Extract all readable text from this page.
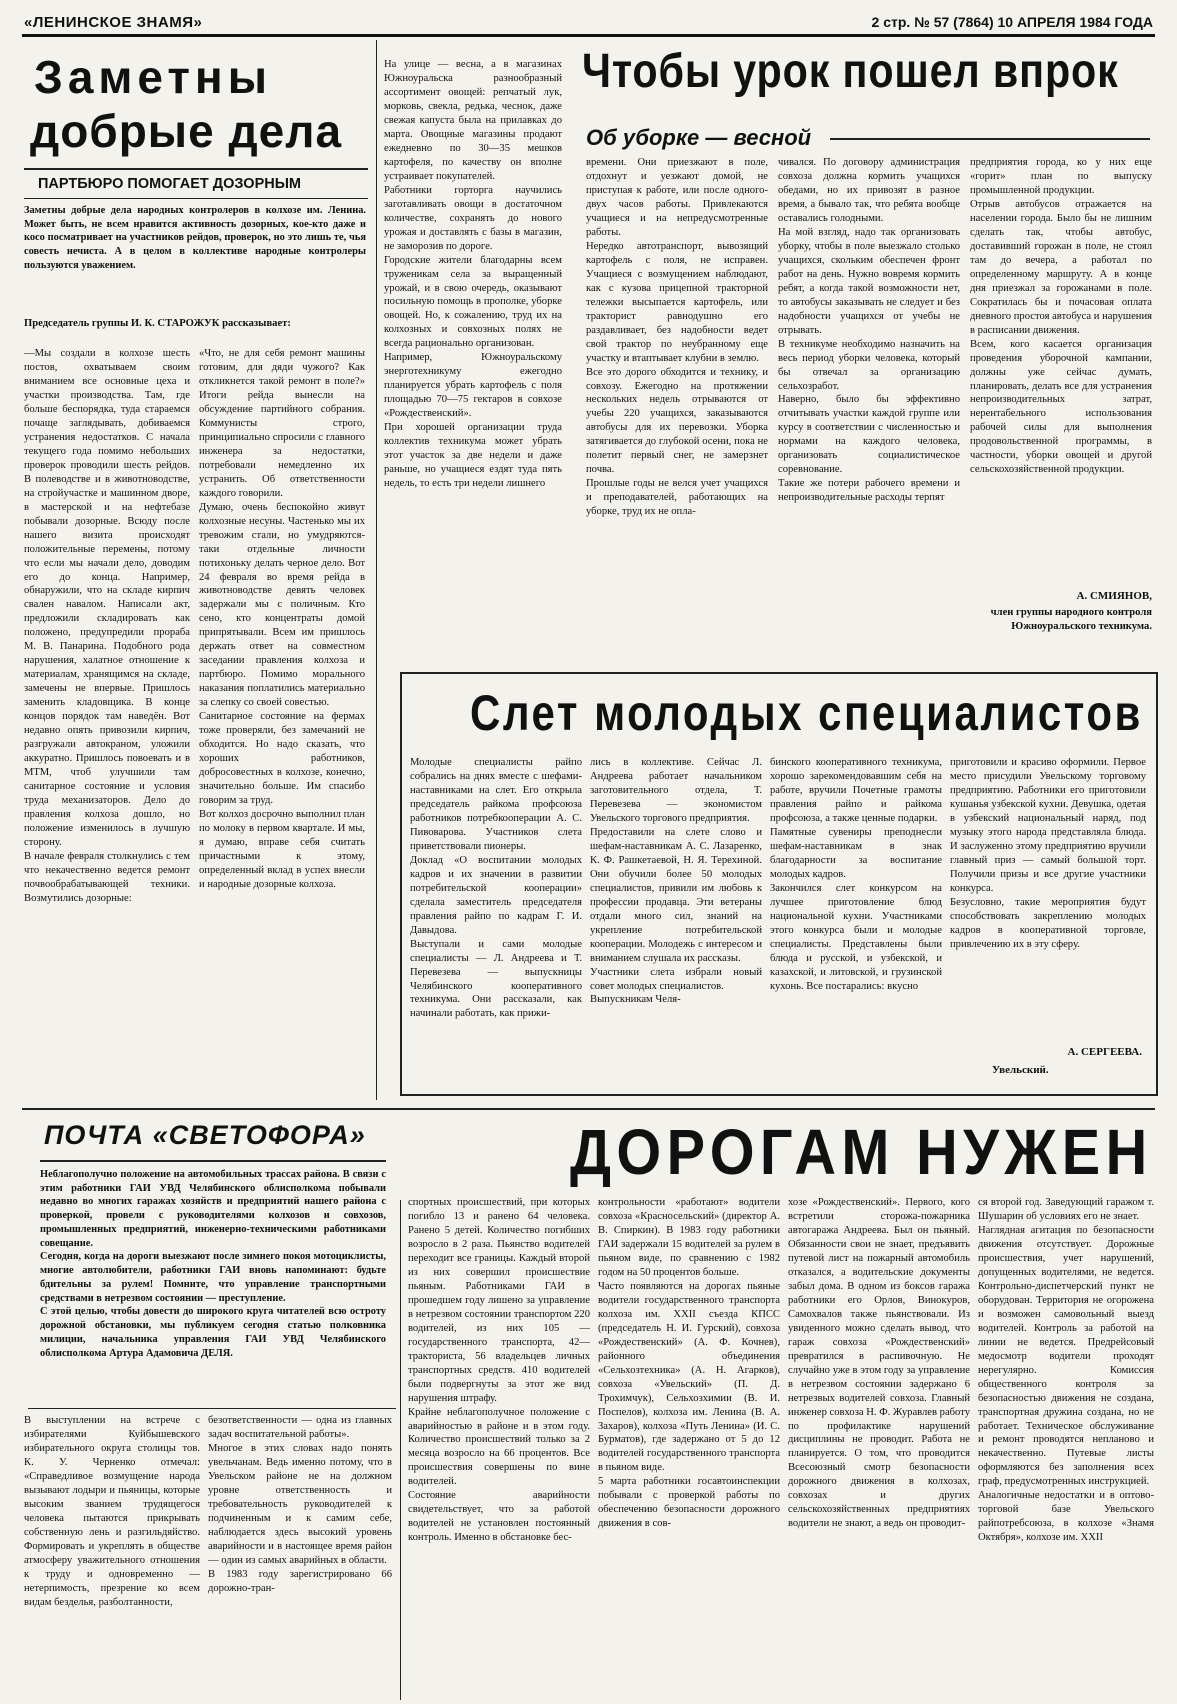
«ЛЕНИНСКОЕ ЗНАМЯ»	2 стр. № 57 (7864) 10 АПРЕЛЯ 1984 ГОДА
Заметны
добрые дела
ПАРТБЮРО ПОМОГАЕТ ДОЗОРНЫМ

Заметны добрые дела народных контролеров в колхозе им. Ленина. Может быть, не всем нравится активность дозорных, кое-кто даже и косо посматривает на участников рейдов, проверок, но это лишь те, чья совесть нечиста. А в целом в коллективе народные контролеры пользуются уважением.

Председатель группы И. К. СТАРОЖУК рассказывает:

—Мы создали в колхозе шесть постов, охватываем своим вниманием все основные цеха и участки производства. Там, где больше беспорядка, туда стараемся почаще заглядывать, добиваемся устранения недостатков. С начала текущего года помимо небольших проверок проводили шесть рейдов. В полеводстве и в животноводстве, на стройучастке и машинном дворе, в мастерской и на нефтебазе побывали дозорные. Всюду после нашего визита происходят положительные перемены, потому что если мы начали дело, доводим его до конца. Например, обнаружили, что на складе кирпич свален навалом. Написали акт, предложили складировать как положено, предупредили прораба М. В. Панарина. Подобного рода нарушения, халатное отношение к материалам, хранящимся на складе, замечены не впервые. Пришлось заменить кладовщика. В конце концов порядок там наведён. Вот недавно опять привозили кирпич, разгружали автокраном, уложили аккуратно. Пришлось повоевать и в МТМ, чтоб улучшили там санитарное состояние и условия труда механизаторов. Дело до правления колхоза дошло, но положение изменилось в лучшую сторону.
В начале февраля столкнулись с тем что некачественно ведется ремонт почвообрабатывающей техники. Возмутились дозорные:

«Что, не для себя ремонт машины готовим, для дяди чужого? Как откликнется такой ремонт в поле?» Итоги рейда вынесли на обсуждение партийного собрания. Коммунисты строго, принципиально спросили с главного инженера за недостатки, потребовали немедленно их устранить. Об ответственности каждого говорили.
Думаю, очень беспокойно живут колхозные несуны. Частенько мы их тревожим стали, но умудряются-таки отдельные личности потихоньку делать черное дело. Вот 24 февраля во время рейда в животноводстве девять человек задержали мы с поличным. Кто сено, кто концентраты домой припрятывали. Всем им пришлось держать ответ на совместном заседании правления колхоза и партбюро. Помимо морального наказания поплатились материально за слепку со своей совестью.
Санитарное состояние на фермах тоже проверяли, без замечаний не обходится. Но надо сказать, что хороших работников, добросовестных в колхозе, конечно, значительно больше. Им спасибо говорим за труд.
Вот колхоз досрочно выполнил план по молоку в первом квартале. И мы, я думаю, вправе себя считать причастными к этому, определенный вклад в успех внесли и народные дозорные колхоза.

На улице — весна, а в магазинах Южноуральска разнообразный ассортимент овощей: репчатый лук, морковь, свекла, редька, чеснок, даже свежая капуста была на прилавках до марта. Овощные магазины продают ежедневно по 30—35 мешков картофеля, по качеству он вполне устраивает покупателей.
Работники горторга научились заготавливать овощи в достаточном количестве, сохранять до нового урожая и доставлять с базы в магазин, не заморозив по дороге.
Городские жители благодарны всем труженикам села за выращенный урожай, и в свою очередь, оказывают посильную помощь в прополке, уборке овощей. Но, к сожалению, труд их на колхозных и совхозных полях не всегда рационально организован.
Например, Южноуральскому энерготехникуму ежегодно планируется убрать картофель с поля площадью 70—75 гектаров в совхозе «Рождественский».
При хорошей организации труда коллектив техникума может убрать этот участок за две недели и даже раньше, но учащиеся ездят туда пять недель, то есть три недели лишнего

Чтобы урок пошел впрок
Об уборке — весной

времени. Они приезжают в поле, отдохнут и уезжают домой, не приступая к работе, или после одного-двух часов работы. Привлекаются учащиеся и на непредусмотренные работы.
Нередко автотранспорт, вывозящий картофель с поля, не исправен. Учащиеся с возмущением наблюдают, как с кузова прицепной тракторной тележки высыпается картофель, или тракторист равнодушно его раздавливает, без надобности ведет свой трактор по неубранному еще участку и втаптывает клубни в землю.
Все это дорого обходится и технику, и совхозу. Ежегодно на протяжении нескольких недель отрываются от учебы 220 учащихся, заказываются автобусы для их перевозки. Уборка затягивается до глубокой осени, пока не полетит первый снег, не замерзнет почва.
Прошлые годы не велся учет учащихся и преподавателей, работающих на уборке, труд их не опла-

чивался. По договору администрация совхоза должна кормить учащихся обедами, но их привозят в разное время, а бывало так, что ребята вообще оставались голодными.
На мой взгляд, надо так организовать уборку, чтобы в поле выезжало столько учащихся, скольким обеспечен фронт работ на день. Нужно вовремя кормить ребят, а когда такой возможности нет, то автобусы заказывать не следует и без надобности учащихся от учебы не отрывать.
В техникуме необходимо назначить на весь период уборки человека, который бы отвечал за организацию сельхозработ.
Наверно, было бы эффективно отчитывать участки каждой группе или курсу в соответствии с численностью и нормами на каждого человека, организовать социалистическое соревнование.
Такие же потери рабочего времени и непроизводительные расходы терпят

предприятия города, ко у них еще «горит» план по выпуску промышленной продукции.
Отрыв автобусов отражается на населении города. Было бы не лишним сделать так, чтобы автобус, доставивший горожан в поле, не стоял там до вечера, а работал по определенному маршруту. А в конце дня приезжал за горожанами в поле. Сократилась бы и почасовая оплата дневного простоя автобуса и нарушения в расписании движения.
Всем, кого касается организация проведения уборочной кампании, должны уже сейчас думать, планировать, делать все для устранения непроизводительных затрат, нерентабельного использования рабочей силы для выполнения продовольственной программы, в частности, уборки овощей и другой сельскохозяйственной продукции.

А. СМИЯНОВ,

член группы народного контроля Южноуральского техникума.

Слет молодых специалистов

Молодые специалисты райпо собрались на днях вместе с шефами-наставниками на слет. Его открыла председатель райкома профсоюза работников потребкооперации А. С. Пивоварова. Участников слета приветствовали пионеры.
Доклад «О воспитании молодых кадров и их значении в развитии потребительской кооперации» сделала заместитель председателя правления райпо по кадрам Г. И. Давыдова.
Выступали и сами молодые специалисты — Л. Андреева и Т. Перевезева — выпускницы Челябинского кооперативного техникума. Они рассказали, как начинали работать, как прижи-

лись в коллективе. Сейчас Л. Андреева работает начальником заготовительного отдела, Т. Перевезева — экономистом Увельского торгового предприятия.
Предоставили на слете слово и шефам-наставникам А. С. Лазаренко, К. Ф. Рашкетаевой, Н. Я. Терехиной. Они обучили более 50 молодых специалистов, привили им любовь к профессии продавца. Эти ветераны отдали много сил, знаний на укрепление потребительской кооперации. Молодежь с интересом и вниманием слушала их рассказы.
Участники слета избрали новый совет молодых специалистов.
Выпускникам Челя-

бинского кооперативного техникума, хорошо зарекомендовавшим себя на работе, вручили Почетные грамоты правления райпо и райкома профсоюза, а также ценные подарки.
Памятные сувениры преподнесли шефам-наставникам в знак благодарности за воспитание молодых кадров.
Закончился слет конкурсом на лучшее приготовление блюд национальной кухни. Участниками этого конкурса были и молодые специалисты. Представлены были блюда и русской, и узбекской, и казахской, и литовской, и грузинской кухонь. Все постарались: вкусно

приготовили и красиво оформили. Первое место присудили Увельскому торговому предприятию. Работники его приготовили кушанья узбекской кухни. Девушка, одетая в узбекский национальный наряд, под музыку этого народа представляла блюда. И заслуженно этому предприятию вручили главный приз — самый большой торт. Получили призы и все другие участники конкурса.
Безусловно, такие мероприятия будут способствовать закреплению молодых кадров в кооперативной торговле, привлечению их в эту сферу.

А. СЕРГЕЕВА.
Увельский.
ПОЧТА «СВЕТОФОРА»	ДОРОГАМ НУЖЕН

Неблагополучно положение на автомобильных трассах района. В связи с этим работники ГАИ УВД Челябинского облисполкома побывали недавно во многих гаражах хозяйств и предприятий нашего района с проверкой, провели с руководителями колхозов и совхозов, промышленных предприятий, инженерно-техническими работниками совещание.
Сегодня, когда на дороги выезжают после зимнего покоя мотоциклисты, многие автолюбители, работники ГАИ вновь напоминают: будьте бдительны за рулем! Помните, что управление транспортными средствами в нетрезвом состоянии — преступление.
С этой целью, чтобы довести до широкого круга читателей всю остроту дорожной обстановки, мы публикуем сегодня статью полковника милиции, начальника управления ГАИ УВД Челябинского облисполкома Артура Адамовича ДЕЛЯ.

В выступлении на встрече с избирателями Куйбышевского избирательного округа столицы тов. К. У. Черненко отмечал: «Справедливое возмущение народа вызывают лодыри и пьяницы, которые высоким званием трудящегося человека пытаются прикрывать собственную лень и разгильдяйство. Формировать и укреплять в обществе атмосферу уважительного отношения к труду и одновременно — нетерпимость, презрение ко всем видам безделья, разболтанности,

безответственности — одна из главных задач воспитательной работы».
Многое в этих словах надо понять увельчанам. Ведь именно потому, что в Увельском районе не на должном уровне ответственность и требовательность руководителей к подчиненным и к самим себе, наблюдается здесь высокий уровень аварийности и в настоящее время район — один из самых аварийных в области.
В 1983 году зарегистрировано 66 дорожно-тран-

спортных происшествий, при которых погибло 13 и ранено 64 человека. Ранено 5 детей. Количество погибших возросло в 2 раза. Пьянство водителей переходит все границы. Каждый второй из них совершил происшествие пьяным. Работниками ГАИ в прошедшем году лишено за управление в нетрезвом состоянии транспортом 220 водителей, из них 105 — государственного транспорта, 42— тракториста, 56 владельцев личных транспортных средств. 410 водителей были подвергнуты за этот же вид нарушения штрафу.
Крайне неблагополучное положение с аварийностью в районе и в этом году. Количество происшествий только за 2 месяца возросло на 66 процентов. Все происшествия совершены по вине водителей.
Состояние аварийности свидетельствует, что за работой водителей не установлен постоянный контроль. Именно в обстановке бес-

контрольности «работают» водители совхоза «Красносельский» (директор А. В. Спиркин). В 1983 году работники ГАИ задержали 15 водителей за рулем в пьяном виде, по сравнению с 1982 годом на 50 процентов больше.
Часто появляются на дорогах пьяные водители государственного транспорта колхоза им. XXII съезда КПСС (председатель Н. И. Гурский), совхоза «Рождественский» (А. Ф. Кочнев), районного объединения «Сельхозтехника» (А. Н. Агарков), совхоза «Увельский» (П. Д. Трохимчук), Сельхозхимии (В. И. Поспелов), колхоза им. Ленина (В. А. Захаров), колхоза «Путь Ленина» (И. С. Бурматов), где задержано от 5 до 12 водителей государственного транспорта в пьяном виде.
5 марта работники госавтоинспекции побывали с проверкой работы по обеспечению безопасности дорожного движения в сов-

хозе «Рождественский». Первого, кого встретили сторожа-пожарника автогаража Андреева. Был он пьяный. Обязанности свои не знает, предъявить путевой лист на пожарный автомобиль отказался, а водительские документы забыл дома. В одном из боксов гаража работники его Орлов, Винокуров, Самохвалов также пьянствовали. Из увиденного можно сделать вывод, что гараж совхоза «Рождественский» превратился в распивочную. Не случайно уже в этом году за управление в нетрезвом состоянии задержано 6 нетрезвых водителей совхоза. Главный инженер совхоза Н. Ф. Журавлев работу по профилактике нарушений дисциплины не проводит. Работа не планируется. О том, что проводится Всесоюзный смотр безопасности дорожного движения в колхозах, совхозах и других сельскохозяйственных предприятиях водители не знают, а ведь он проводит-

ся второй год. Заведующий гаражом т. Шушарин об условиях его не знает.
Наглядная агитация по безопасности движения отсутствует. Дорожные происшествия, учет нарушений, допущенных водителями, не ведется. Контрольно-диспетчерский пункт не оборудован. Территория не огорожена и возможен самовольный выезд водителей. Контроль за работой на линии не ведется. Предрейсовый медосмотр водители проходят нерегулярно. Комиссия общественного контроля за безопасностью движения не создана, транспортная дружина создана, но не работает. Техническое обслуживание и ремонт проводятся неплановo и некачественно. Путевые листы оформляются без заполнения всех граф, предусмотренных инструкцией.
Аналогичные недостатки и в оптово-торговой базе Увельского райпотребсоюза, в колхозе «Знамя Октября», колхозе им. XXII
